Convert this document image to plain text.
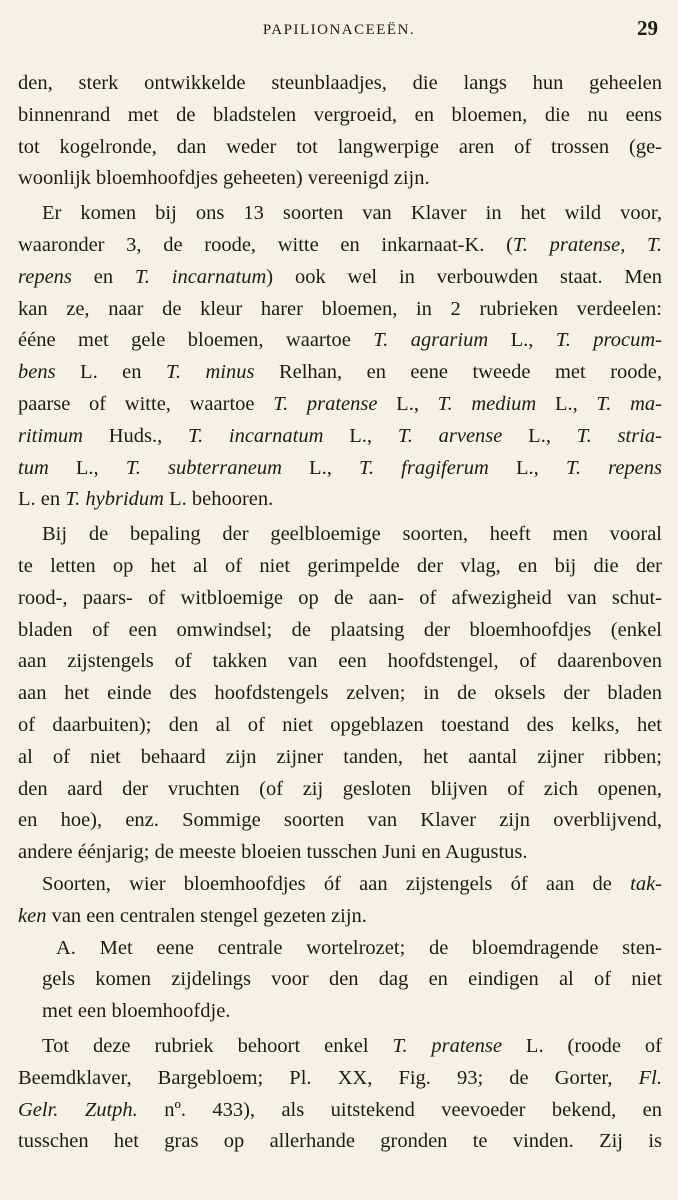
PAPILIONACEEËN.	29

den, sterk ontwikkelde steunblaadjes, die langs hun geheelen
binnenrand met de bladstelen vergroeid, en bloemen, die nu eens
tot kogelronde, dan weder tot langwerpige aren of trossen (ge-
woonlijk bloemhoofdjes geheeten) vereenigd zijn.

Er komen bij ons 13 soorten van Klaver in het wild voor,
waaronder 3, de roode, witte en inkarnaat-K. (T. pratense, T.
repens en T. incarnatum) ook wel in verbouwden staat. Men
kan ze, naar de kleur harer bloemen, in 2 rubrieken verdeelen:
ééne met gele bloemen, waartoe T. agrarium L., T. procum-
bens L. en T. minus Relhan, en eene tweede met roode,
paarse of witte, waartoe T. pratense L., T. medium L., T. ma-
ritimum Huds., T. incarnatum L., T. arvense L., T. stria-
tum L., T. subterraneum L., T. fragiferum L., T. repens
L. en T. hybridum L. behooren.

Bij de bepaling der geelbloemige soorten, heeft men vooral
te letten op het al of niet gerimpelde der vlag, en bij die der
rood-, paars- of witbloemige op de aan- of afwezigheid van schut-
bladen of een omwindsel; de plaatsing der bloemhoofdjes (enkel
aan zijstengels of takken van een hoofdstengel, of daarenboven
aan het einde des hoofdstengels zelven; in de oksels der bladen
of daarbuiten); den al of niet opgeblazen toestand des kelks, het
al of niet behaard zijn zijner tanden, het aantal zijner ribben;
den aard der vruchten (of zij gesloten blijven of zich openen,
en hoe), enz. Sommige soorten van Klaver zijn overblijvend,
andere éénjarig; de meeste bloeien tusschen Juni en Augustus.

Soorten, wier bloemhoofdjes óf aan zijstengels óf aan de tak-
ken van een centralen stengel gezeten zijn.

A. Met eene centrale wortelrozet; de bloemdragende sten-
gels komen zijdelings voor den dag en eindigen al of niet
met een bloemhoofdje.

Tot deze rubriek behoort enkel T. pratense L. (roode of
Beemdklaver, Bargebloem; Pl. XX, Fig. 93; de Gorter, Fl.
Gelr. Zutph. nº. 433), als uitstekend veevoeder bekend, en
tusschen het gras op allerhande gronden te vinden. Zij is
